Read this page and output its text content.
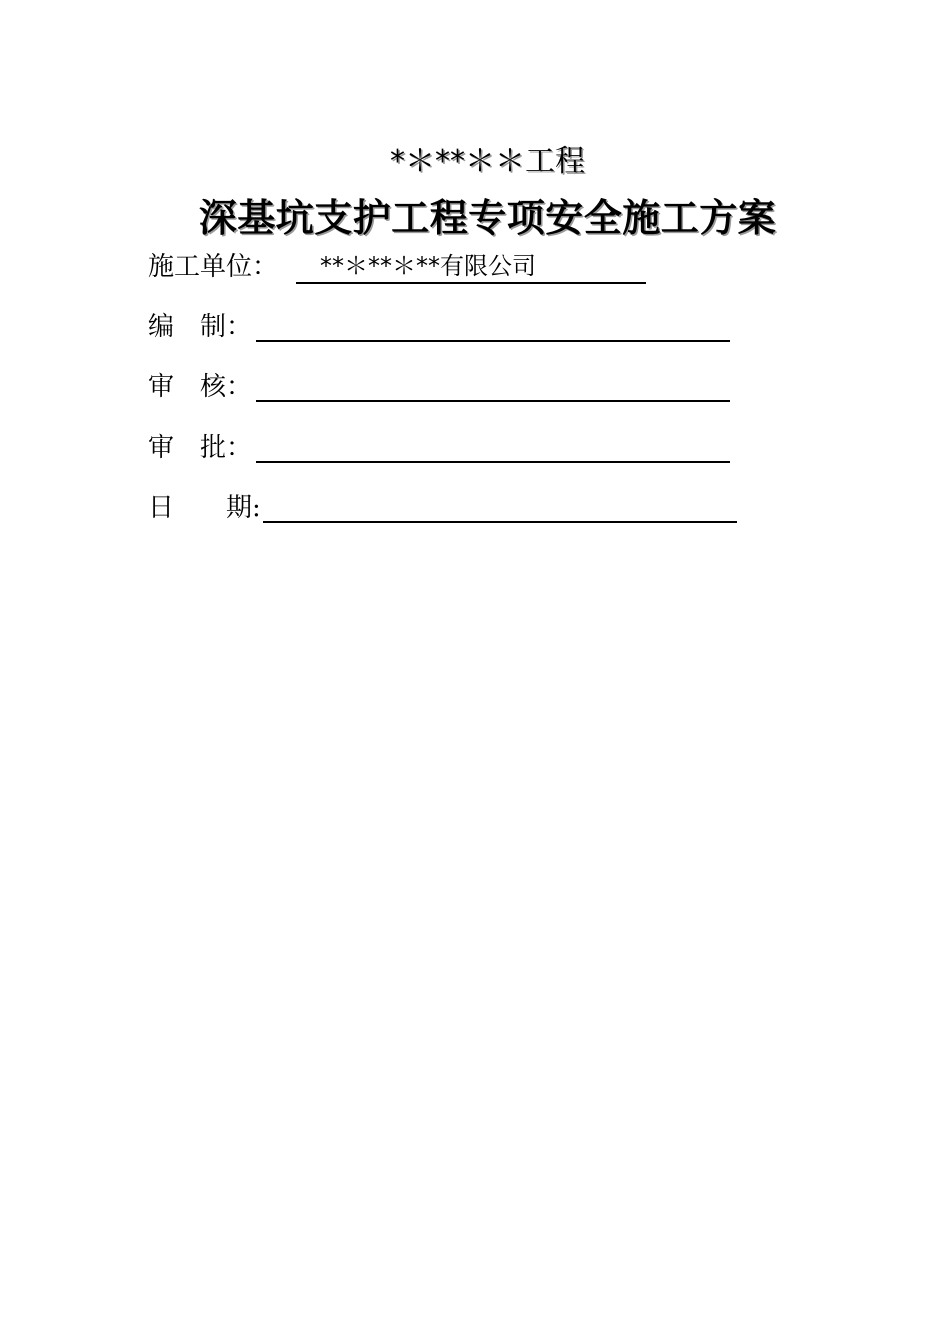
*＊**＊＊工程
深基坑支护工程专项安全施工方案
施工单位：	**＊**＊**有限公司
编　制：
审　核：
审　批：
日　　期:
